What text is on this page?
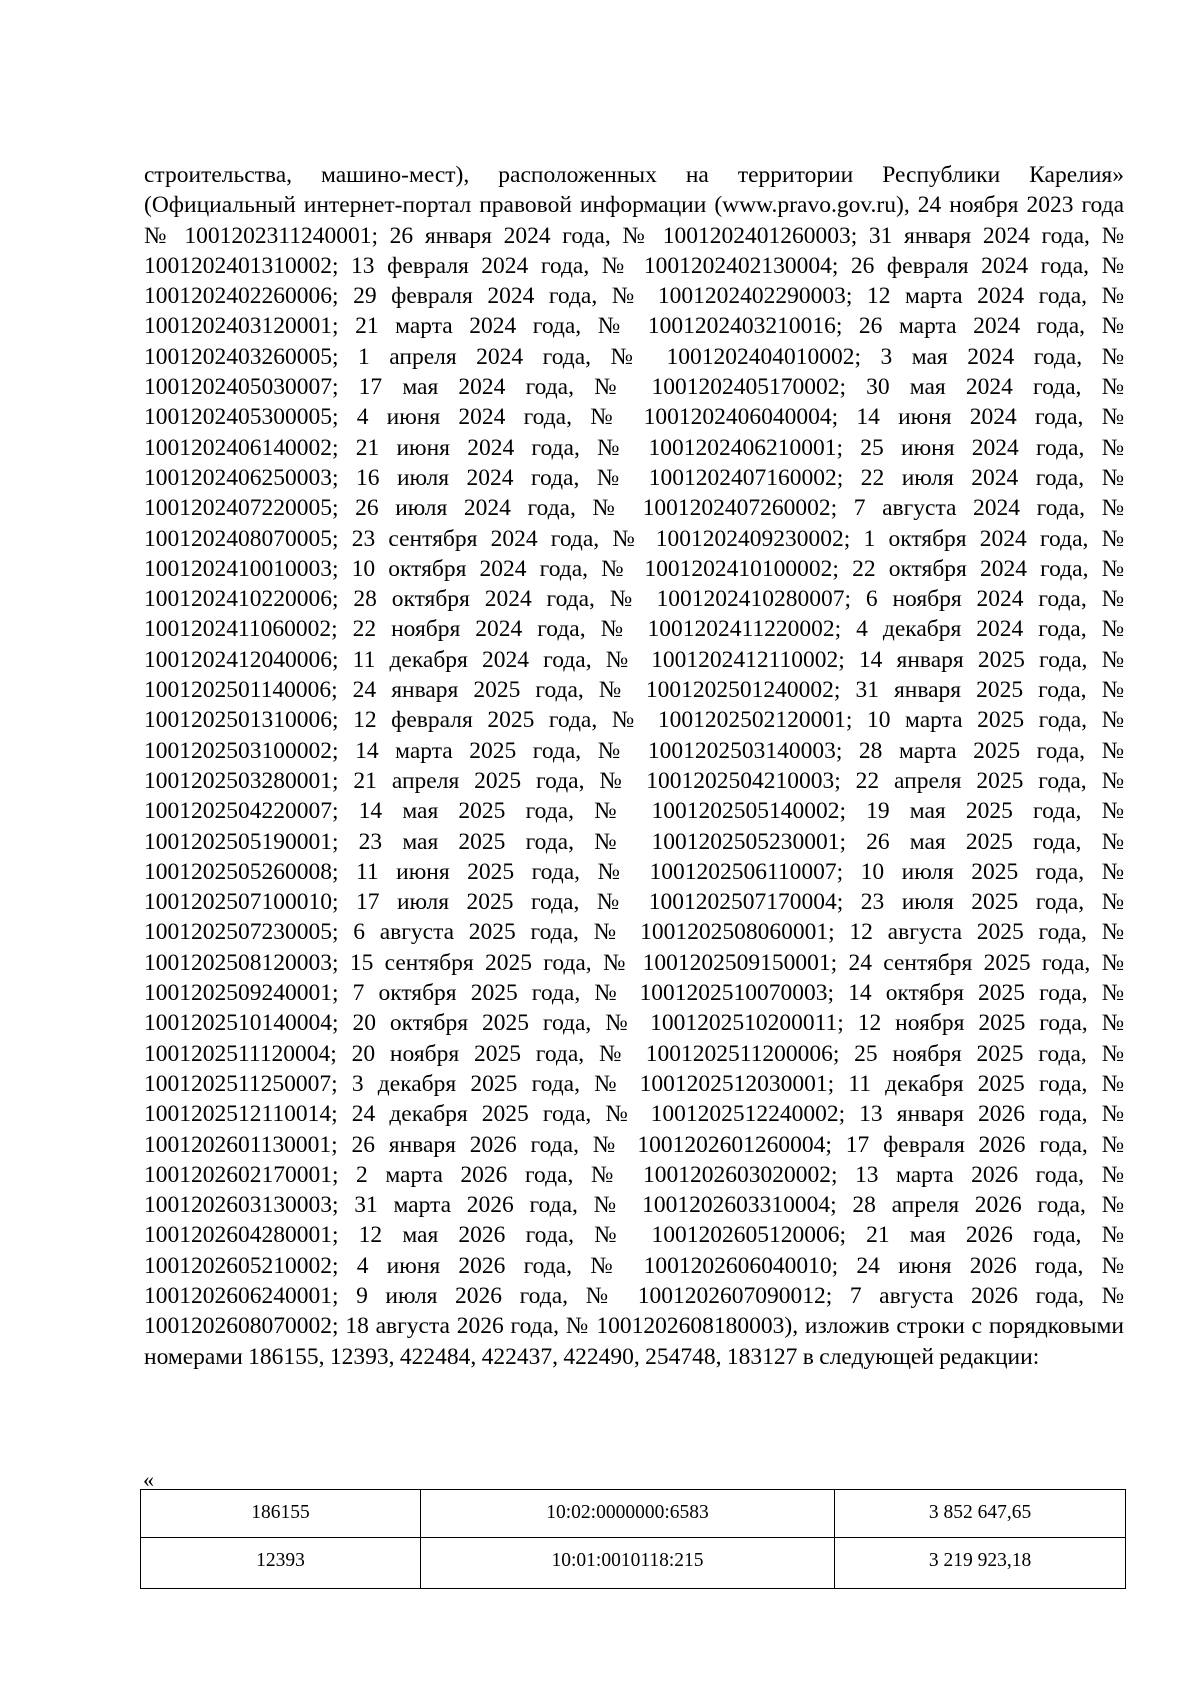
строительства, машино-мест), расположенных на территории Республики Карелия» (Официальный интернет-портал правовой информации (www.pravo.gov.ru), 24 ноября 2023 года № 1001202311240001; 26 января 2024 года, № 1001202401260003; 31 января 2024 года, № 1001202401310002; 13 февраля 2024 года, № 1001202402130004; 26 февраля 2024 года, № 1001202402260006; 29 февраля 2024 года, № 1001202402290003; 12 марта 2024 года, № 1001202403120001; 21 марта 2024 года, № 1001202403210016; 26 марта 2024 года, № 1001202403260005; 1 апреля 2024 года, № 1001202404010002; 3 мая 2024 года, № 1001202405030007; 17 мая 2024 года, № 1001202405170002; 30 мая 2024 года, № 1001202405300005; 4 июня 2024 года, № 1001202406040004; 14 июня 2024 года, № 1001202406140002; 21 июня 2024 года, № 1001202406210001; 25 июня 2024 года, № 1001202406250003; 16 июля 2024 года, № 1001202407160002; 22 июля 2024 года, № 1001202407220005; 26 июля 2024 года, № 1001202407260002; 7 августа 2024 года, № 1001202408070005; 23 сентября 2024 года, № 1001202409230002; 1 октября 2024 года, № 1001202410010003; 10 октября 2024 года, № 1001202410100002; 22 октября 2024 года, № 1001202410220006; 28 октября 2024 года, № 1001202410280007; 6 ноября 2024 года, № 1001202411060002; 22 ноября 2024 года, № 1001202411220002; 4 декабря 2024 года, № 1001202412040006; 11 декабря 2024 года, № 1001202412110002; 14 января 2025 года, № 1001202501140006; 24 января 2025 года, № 1001202501240002; 31 января 2025 года, № 1001202501310006; 12 февраля 2025 года, № 1001202502120001; 10 марта 2025 года, № 1001202503100002; 14 марта 2025 года, № 1001202503140003; 28 марта 2025 года, № 1001202503280001; 21 апреля 2025 года, № 1001202504210003; 22 апреля 2025 года, № 1001202504220007; 14 мая 2025 года, № 1001202505140002; 19 мая 2025 года, № 1001202505190001; 23 мая 2025 года, № 1001202505230001; 26 мая 2025 года, № 1001202505260008; 11 июня 2025 года, № 1001202506110007; 10 июля 2025 года, № 1001202507100010; 17 июля 2025 года, № 1001202507170004; 23 июля 2025 года, № 1001202507230005; 6 августа 2025 года, № 1001202508060001; 12 августа 2025 года, № 1001202508120003; 15 сентября 2025 года, № 1001202509150001; 24 сентября 2025 года, № 1001202509240001; 7 октября 2025 года, № 1001202510070003; 14 октября 2025 года, № 1001202510140004; 20 октября 2025 года, № 1001202510200011; 12 ноября 2025 года, № 1001202511120004; 20 ноября 2025 года, № 1001202511200006; 25 ноября 2025 года, № 1001202511250007; 3 декабря 2025 года, № 1001202512030001; 11 декабря 2025 года, № 1001202512110014; 24 декабря 2025 года, № 1001202512240002; 13 января 2026 года, № 1001202601130001; 26 января 2026 года, № 1001202601260004; 17 февраля 2026 года, № 1001202602170001; 2 марта 2026 года, № 1001202603020002; 13 марта 2026 года, № 1001202603130003; 31 марта 2026 года, № 1001202603310004; 28 апреля 2026 года, № 1001202604280001; 12 мая 2026 года, № 1001202605120006; 21 мая 2026 года, № 1001202605210002; 4 июня 2026 года, № 1001202606040010; 24 июня 2026 года, № 1001202606240001; 9 июля 2026 года, № 1001202607090012; 7 августа 2026 года, № 1001202608070002; 18 августа 2026 года, № 1001202608180003), изложив строки с порядковыми номерами 186155, 12393, 422484, 422437, 422490, 254748, 183127 в следующей редакции:

«
186155	10:02:0000000:6583	3 852 647,65
12393	10:01:0010118:215	3 219 923,18
